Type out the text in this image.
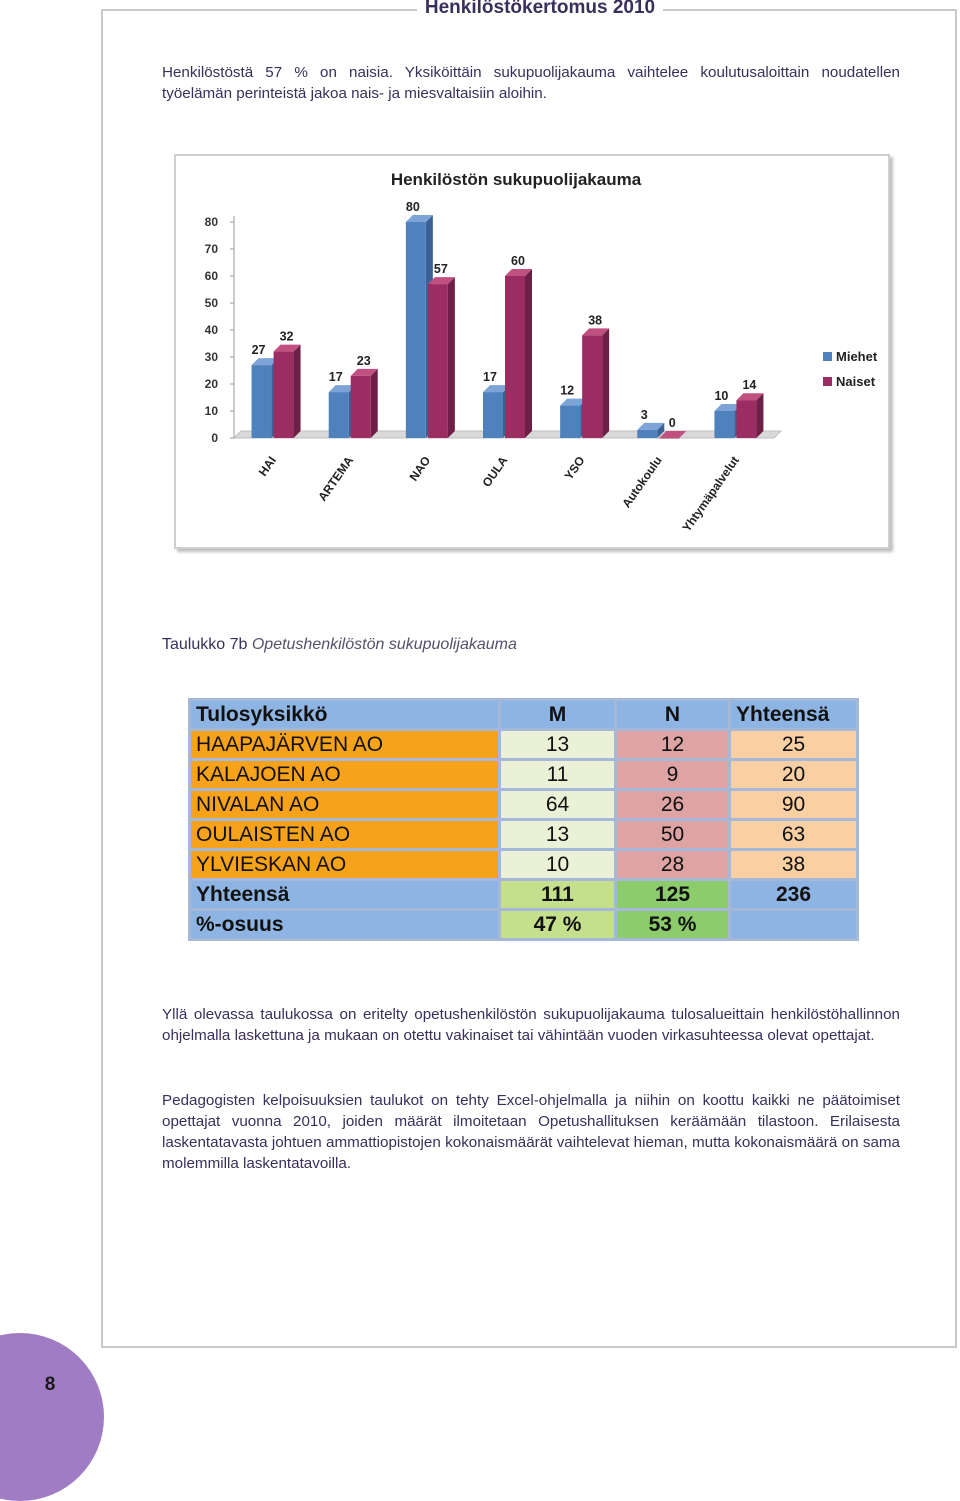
Henkilöstökertomus 2010

Henkilöstöstä 57 % on naisia. Yksiköittäin sukupuolijakauma vaihtelee koulutusaloittain noudatellen työelämän perinteistä jakoa nais- ja miesvaltaisiin aloihin.

Henkilöstön sukupuolijakauma
0
10
20
30
40
50
60
70
80
27
32
HAI
17
23
ARTEMA
80
57
NAO
17
60
OULA
12
38
YSO
3
0
Autokoulu
10
14
Yhtymäpalvelut
Miehet
Naiset
Taulukko 7b Opetushenkilöstön sukupuolijakauma
Tulosyksikkö	M	N	Yhteensä
HAAPAJÄRVEN AO	13	12	25
KALAJOEN AO	11	9	20
NIVALAN AO	64	26	90
OULAISTEN AO	13	50	63
YLVIESKAN AO	10	28	38
Yhteensä	111	125	236
%-osuus	47 %	53 %	

Yllä olevassa taulukossa on eritelty opetushenkilöstön sukupuolijakauma tulosalueittain henkilöstöhallinnon ohjelmalla laskettuna ja mukaan on otettu vakinaiset tai vähintään vuoden virkasuhteessa olevat opettajat.

Pedagogisten kelpoisuuksien taulukot on tehty Excel-ohjelmalla ja niihin on koottu kaikki ne päätoimiset opettajat vuonna 2010, joiden määrät ilmoitetaan Opetushallituksen keräämään tilastoon. Erilaisesta laskentatavasta johtuen ammattiopistojen kokonaismäärät vaihtelevat hieman, mutta kokonaismäärä on sama molemmilla laskentatavoilla.

8
